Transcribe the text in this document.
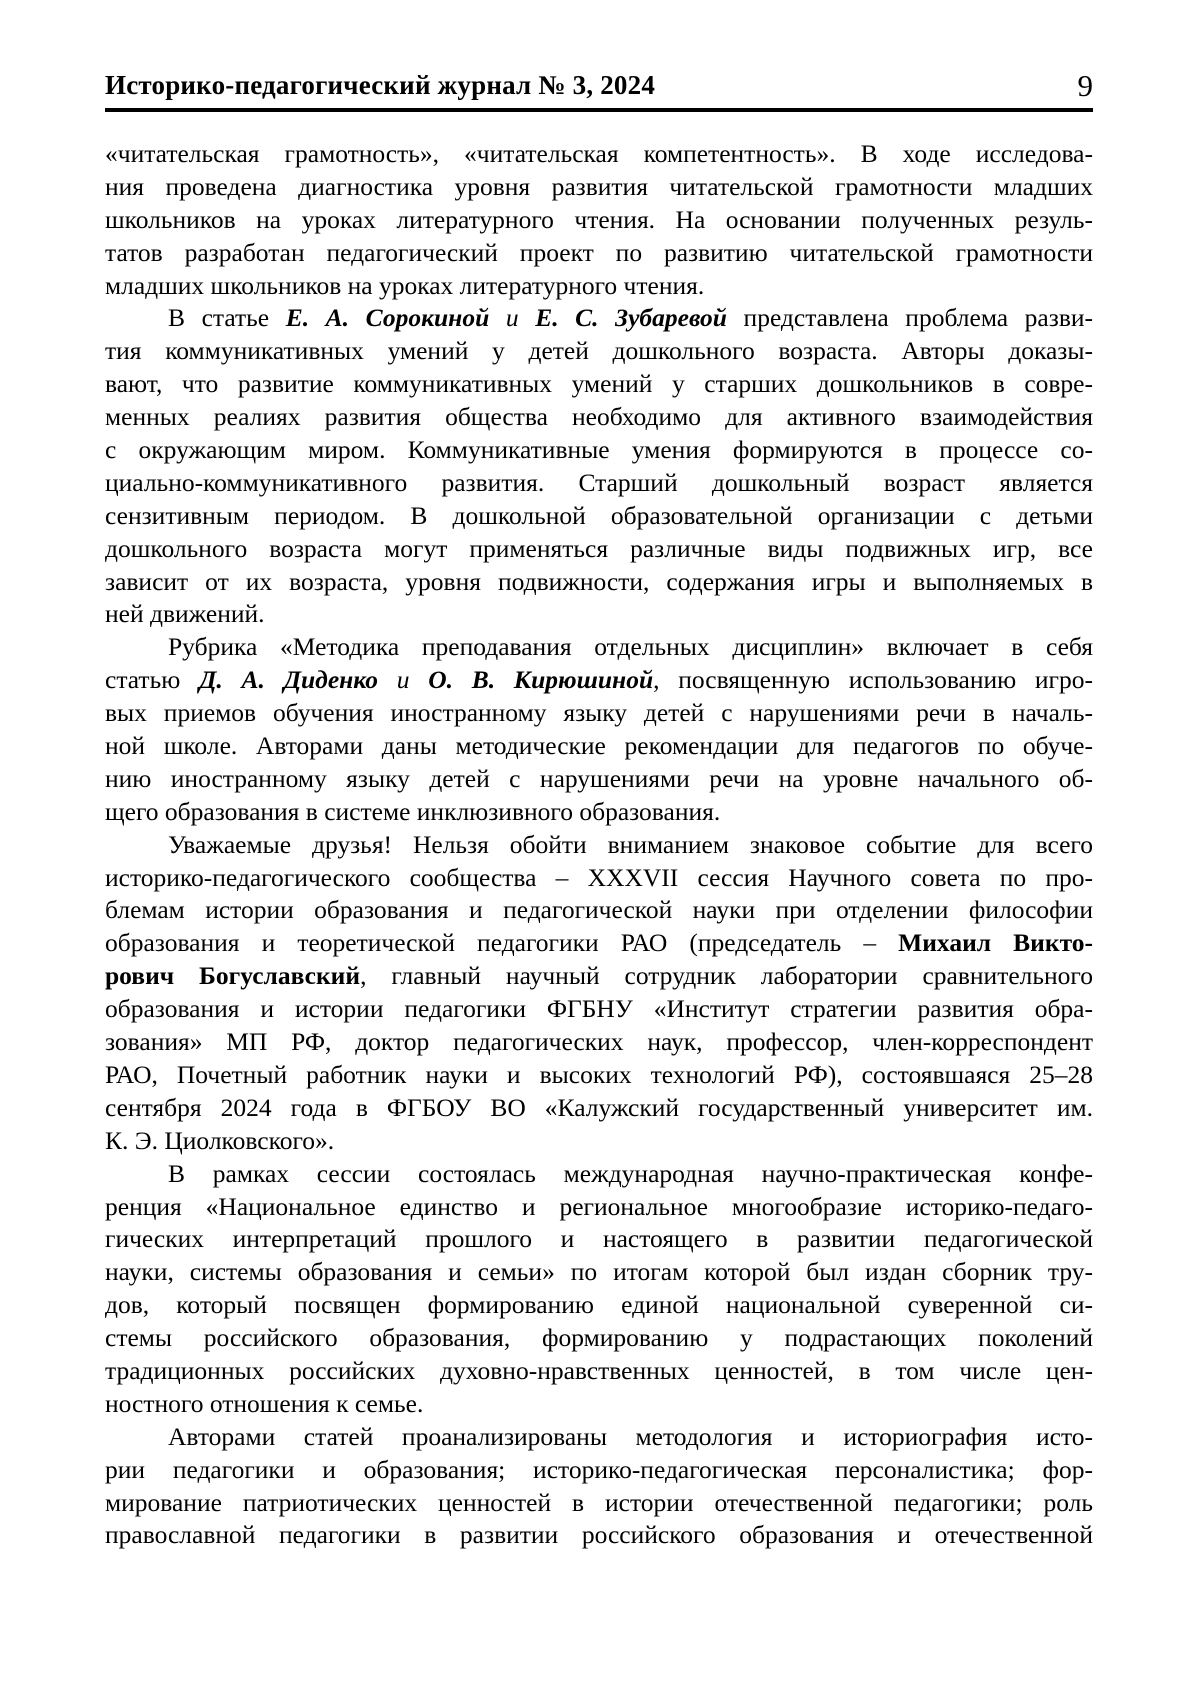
Историко-педагогический журнал № 3, 2024	9
«читательская грамотность», «читательская компетентность». В ходе исследова-
ния проведена диагностика уровня развития читательской грамотности младших
школьников на уроках литературного чтения. На основании полученных резуль-
татов разработан педагогический проект по развитию читательской грамотности
младших школьников на уроках литературного чтения.
В статье Е. А. Сорокиной и Е. С. Зубаревой представлена проблема разви-
тия коммуникативных умений у детей дошкольного возраста. Авторы доказы-
вают, что развитие коммуникативных умений у старших дошкольников в совре-
менных реалиях развития общества необходимо для активного взаимодействия
с окружающим миром. Коммуникативные умения формируются в процессе со-
циально-коммуникативного развития. Старший дошкольный возраст является
сензитивным периодом. В дошкольной образовательной организации с детьми
дошкольного возраста могут применяться различные виды подвижных игр, все
зависит от их возраста, уровня подвижности, содержания игры и выполняемых в
ней движений.
Рубрика «Методика преподавания отдельных дисциплин» включает в себя
статью Д. А. Диденко и О. В. Кирюшиной, посвященную использованию игро-
вых приемов обучения иностранному языку детей с нарушениями речи в началь-
ной школе. Авторами даны методические рекомендации для педагогов по обуче-
нию иностранному языку детей с нарушениями речи на уровне начального об-
щего образования в системе инклюзивного образования.
Уважаемые друзья! Нельзя обойти вниманием знаковое событие для всего
историко-педагогического сообщества – XXXVII сессия Научного совета по про-
блемам истории образования и педагогической науки при отделении философии
образования и теоретической педагогики РАО (председатель – Михаил Викто-
рович Богуславский, главный научный сотрудник лаборатории сравнительного
образования и истории педагогики ФГБНУ «Институт стратегии развития обра-
зования» МП РФ, доктор педагогических наук, профессор, член-корреспондент
РАО, Почетный работник науки и высоких технологий РФ), состоявшаяся 25–28
сентября 2024 года в ФГБОУ ВО «Калужский государственный университет им.
К. Э. Циолковского».
В рамках сессии состоялась международная научно-практическая конфе-
ренция «Национальное единство и региональное многообразие историко-педаго-
гических интерпретаций прошлого и настоящего в развитии педагогической
науки, системы образования и семьи» по итогам которой был издан сборник тру-
дов, который посвящен формированию единой национальной суверенной си-
стемы российского образования, формированию у подрастающих поколений
традиционных российских духовно-нравственных ценностей, в том числе цен-
ностного отношения к семье.
Авторами статей проанализированы методология и историография исто-
рии педагогики и образования; историко-педагогическая персоналистика; фор-
мирование патриотических ценностей в истории отечественной педагогики; роль
православной педагогики в развитии российского образования и отечественной
